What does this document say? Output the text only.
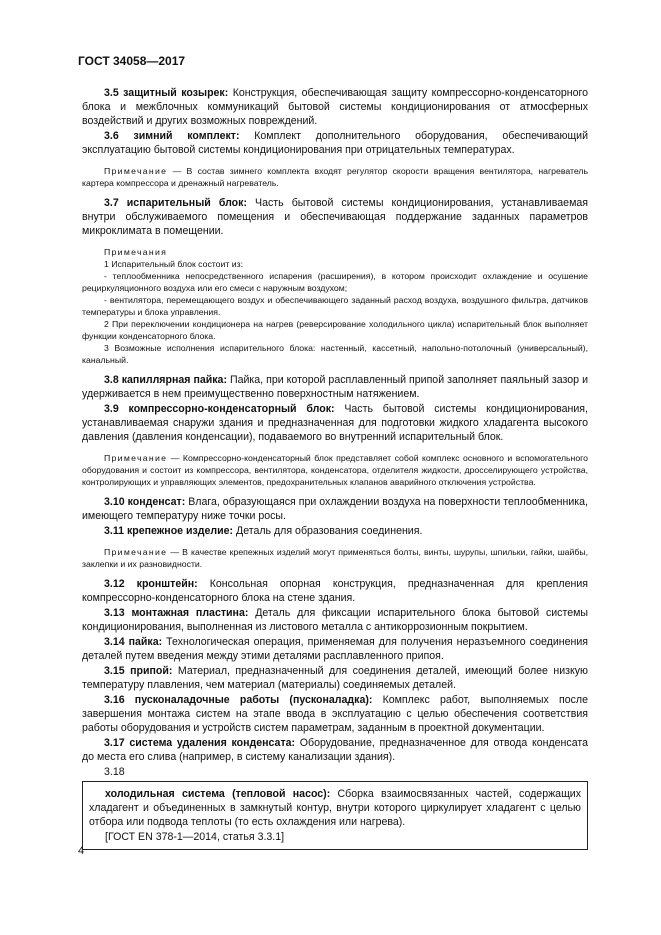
ГОСТ 34058—2017

3.5 защитный козырек: Конструкция, обеспечивающая защиту компрессорно-конденсаторного блока и межблочных коммуникаций бытовой системы кондиционирования от атмосферных воздействий и других возможных повреждений.

3.6 зимний комплект: Комплект дополнительного оборудования, обеспечивающий эксплуатацию бытовой системы кондиционирования при отрицательных температурах.

Примечание — В состав зимнего комплекта входят регулятор скорости вращения вентилятора, нагреватель картера компрессора и дренажный нагреватель.

3.7 испарительный блок: Часть бытовой системы кондиционирования, устанавливаемая внутри обслуживаемого помещения и обеспечивающая поддержание заданных параметров микроклимата в помещении.

Примечания

1 Испарительный блок состоит из:

- теплообменника непосредственного испарения (расширения), в котором происходит охлаждение и осушение рециркуляционного воздуха или его смеси с наружным воздухом;

- вентилятора, перемещающего воздух и обеспечивающего заданный расход воздуха, воздушного фильтра, датчиков температуры и блока управления.

2 При переключении кондиционера на нагрев (реверсирование холодильного цикла) испарительный блок выполняет функции конденсаторного блока.

3 Возможные исполнения испарительного блока: настенный, кассетный, напольно-потолочный (универсальный), канальный.

3.8 капиллярная пайка: Пайка, при которой расплавленный припой заполняет паяльный зазор и удерживается в нем преимущественно поверхностным натяжением.

3.9 компрессорно-конденсаторный блок: Часть бытовой системы кондиционирования, устанавливаемая снаружи здания и предназначенная для подготовки жидкого хладагента высокого давления (давления конденсации), подаваемого во внутренний испарительный блок.

Примечание — Компрессорно-конденсаторный блок представляет собой комплекс основного и вспомогательного оборудования и состоит из компрессора, вентилятора, конденсатора, отделителя жидкости, дросселирующего устройства, контролирующих и управляющих элементов, предохранительных клапанов аварийного отключения устройства.

3.10 конденсат: Влага, образующаяся при охлаждении воздуха на поверхности теплообменника, имеющего температуру ниже точки росы.

3.11 крепежное изделие: Деталь для образования соединения.

Примечание — В качестве крепежных изделий могут применяться болты, винты, шурупы, шпильки, гайки, шайбы, заклепки и их разновидности.

3.12 кронштейн: Консольная опорная конструкция, предназначенная для крепления компрессорно-конденсаторного блока на стене здания.

3.13 монтажная пластина: Деталь для фиксации испарительного блока бытовой системы кондиционирования, выполненная из листового металла с антикоррозионным покрытием.

3.14 пайка: Технологическая операция, применяемая для получения неразъемного соединения деталей путем введения между этими деталями расплавленного припоя.

3.15 припой: Материал, предназначенный для соединения деталей, имеющий более низкую температуру плавления, чем материал (материалы) соединяемых деталей.

3.16 пусконаладочные работы (пусконаладка): Комплекс работ, выполняемых после завершения монтажа систем на этапе ввода в эксплуатацию с целью обеспечения соответствия работы оборудования и устройств систем параметрам, заданным в проектной документации.

3.17 система удаления конденсата: Оборудование, предназначенное для отвода конденсата до места его слива (например, в систему канализации здания).

3.18

холодильная система (тепловой насос): Сборка взаимосвязанных частей, содержащих хладагент и объединенных в замкнутый контур, внутри которого циркулирует хладагент с целью отбора или подвода теплоты (то есть охлаждения или нагрева).

[ГОСТ EN 378-1—2014, статья 3.3.1]

4
